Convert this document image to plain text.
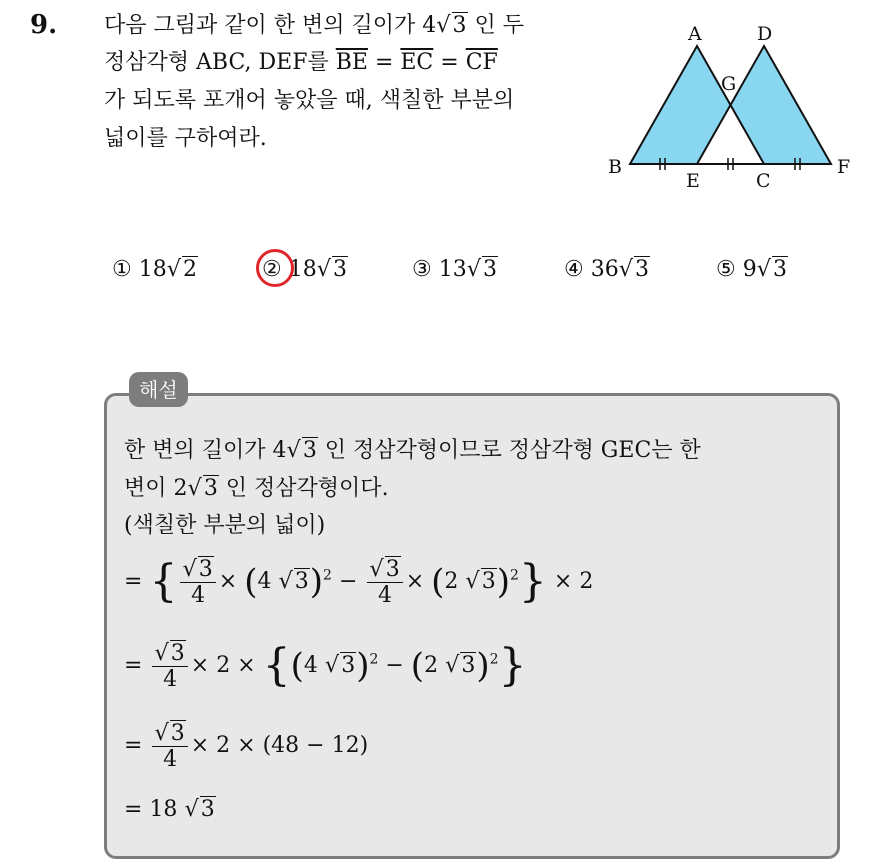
9. 다음 그림과 같이 한 변의 길이가 4√3 인 두
정삼각형 ABC, DEF를 $\overline{BE} = \overline{EC} = \overline{CF}$
가 되도록 포개어 놓았을 때, 색칠한 부분의
넓이를 구하여라.
A	D
G
B
E	C
F
① 18√2	② 18√3	③ 13√3	④ 36√3	⑤ 9√3
해설
한 변의 길이가 4√3 인 정삼각형이므로 정삼각형 GEC는 한
변이 2√3 인 정삼각형이다.
(색칠한 부분의 넓이)
= { $\frac{√3}{4} \times (4$ $√3)^2 - \frac{√3}{4} \times (2$ √3)$^2$} × 2
= $\frac{√3}{4} \times 2 \times \{(4$ √3)$^2$ − (2 √3)$^2$}
= $\frac{√3}{4} \times 2 \times (48 - 12)$
= 18 √3
